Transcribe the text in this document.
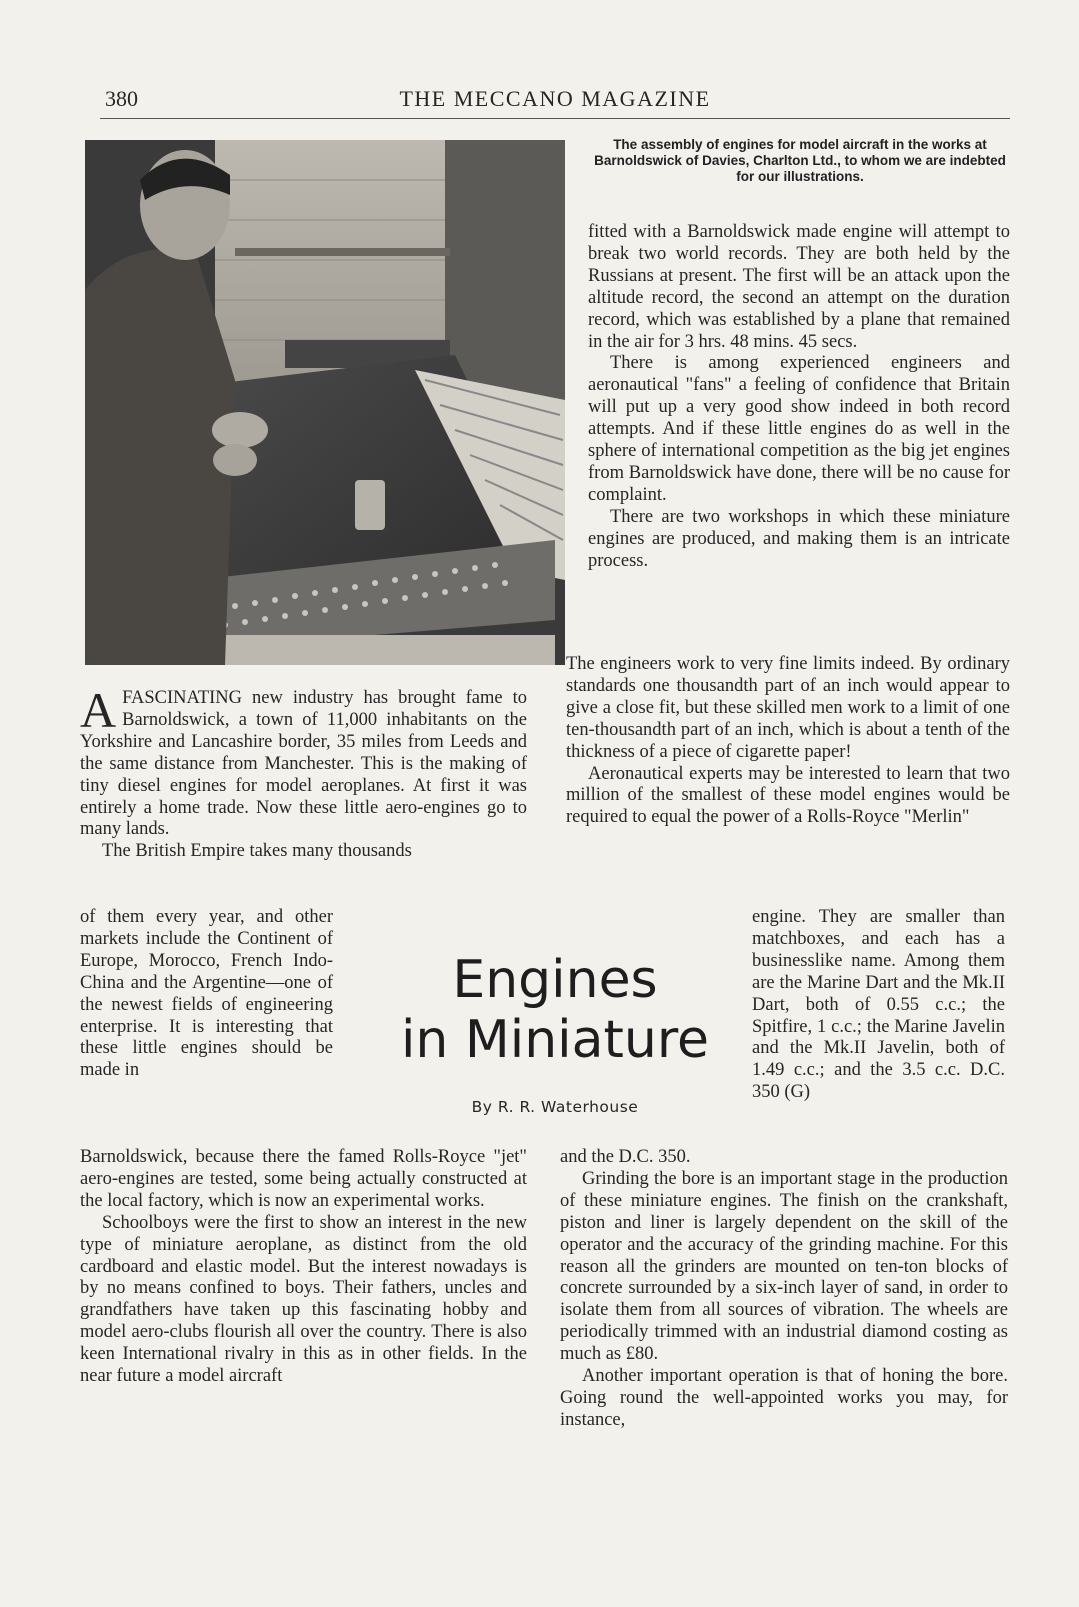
380	THE MECCANO MAGAZINE
The assembly of engines for model aircraft in the works at Barnoldswick of Davies, Charlton Ltd., to whom we are indebted for our illustrations.

AFASCINATING new industry has brought fame to Barnoldswick, a town of 11,000 inhabitants on the Yorkshire and Lancashire border, 35 miles from Leeds and the same distance from Manchester. This is the making of tiny diesel engines for model aeroplanes. At first it was entirely a home trade. Now these little aero-engines go to many lands.

The British Empire takes many thousands

of them every year, and other markets include the Continent of Europe, Morocco, French Indo-China and the Argentine—one of the newest fields of engineering enterprise. It is interesting that these little engines should be made in

Engines
in Miniature
By R. R. Waterhouse

Barnoldswick, because there the famed Rolls-Royce "jet" aero-engines are tested, some being actually constructed at the local factory, which is now an experimental works.

Schoolboys were the first to show an interest in the new type of miniature aeroplane, as distinct from the old cardboard and elastic model. But the interest nowadays is by no means confined to boys. Their fathers, uncles and grandfathers have taken up this fascinating hobby and model aero-clubs flourish all over the country. There is also keen International rivalry in this as in other fields. In the near future a model aircraft

fitted with a Barnoldswick made engine will attempt to break two world records. They are both held by the Russians at present. The first will be an attack upon the altitude record, the second an attempt on the duration record, which was established by a plane that remained in the air for 3 hrs. 48 mins. 45 secs.

There is among experienced engineers and aeronautical "fans" a feeling of confidence that Britain will put up a very good show indeed in both record attempts. And if these little engines do as well in the sphere of international competition as the big jet engines from Barnoldswick have done, there will be no cause for complaint.

There are two workshops in which these miniature engines are produced, and making them is an intricate process.

The engineers work to very fine limits indeed. By ordinary standards one thousandth part of an inch would appear to give a close fit, but these skilled men work to a limit of one ten-thousandth part of an inch, which is about a tenth of the thickness of a piece of cigarette paper!

Aeronautical experts may be interested to learn that two million of the smallest of these model engines would be required to equal the power of a Rolls-Royce "Merlin"

engine. They are smaller than matchboxes, and each has a businesslike name. Among them are the Marine Dart and the Mk.II Dart, both of 0.55 c.c.; the Spitfire, 1 c.c.; the Marine Javelin and the Mk.II Javelin, both of 1.49 c.c.; and the 3.5 c.c. D.C. 350 (G)

and the D.C. 350.

Grinding the bore is an important stage in the production of these miniature engines. The finish on the crankshaft, piston and liner is largely dependent on the skill of the operator and the accuracy of the grinding machine. For this reason all the grinders are mounted on ten-ton blocks of concrete surrounded by a six-inch layer of sand, in order to isolate them from all sources of vibration. The wheels are periodically trimmed with an industrial diamond costing as much as £80.

Another important operation is that of honing the bore. Going round the well-appointed works you may, for instance,
